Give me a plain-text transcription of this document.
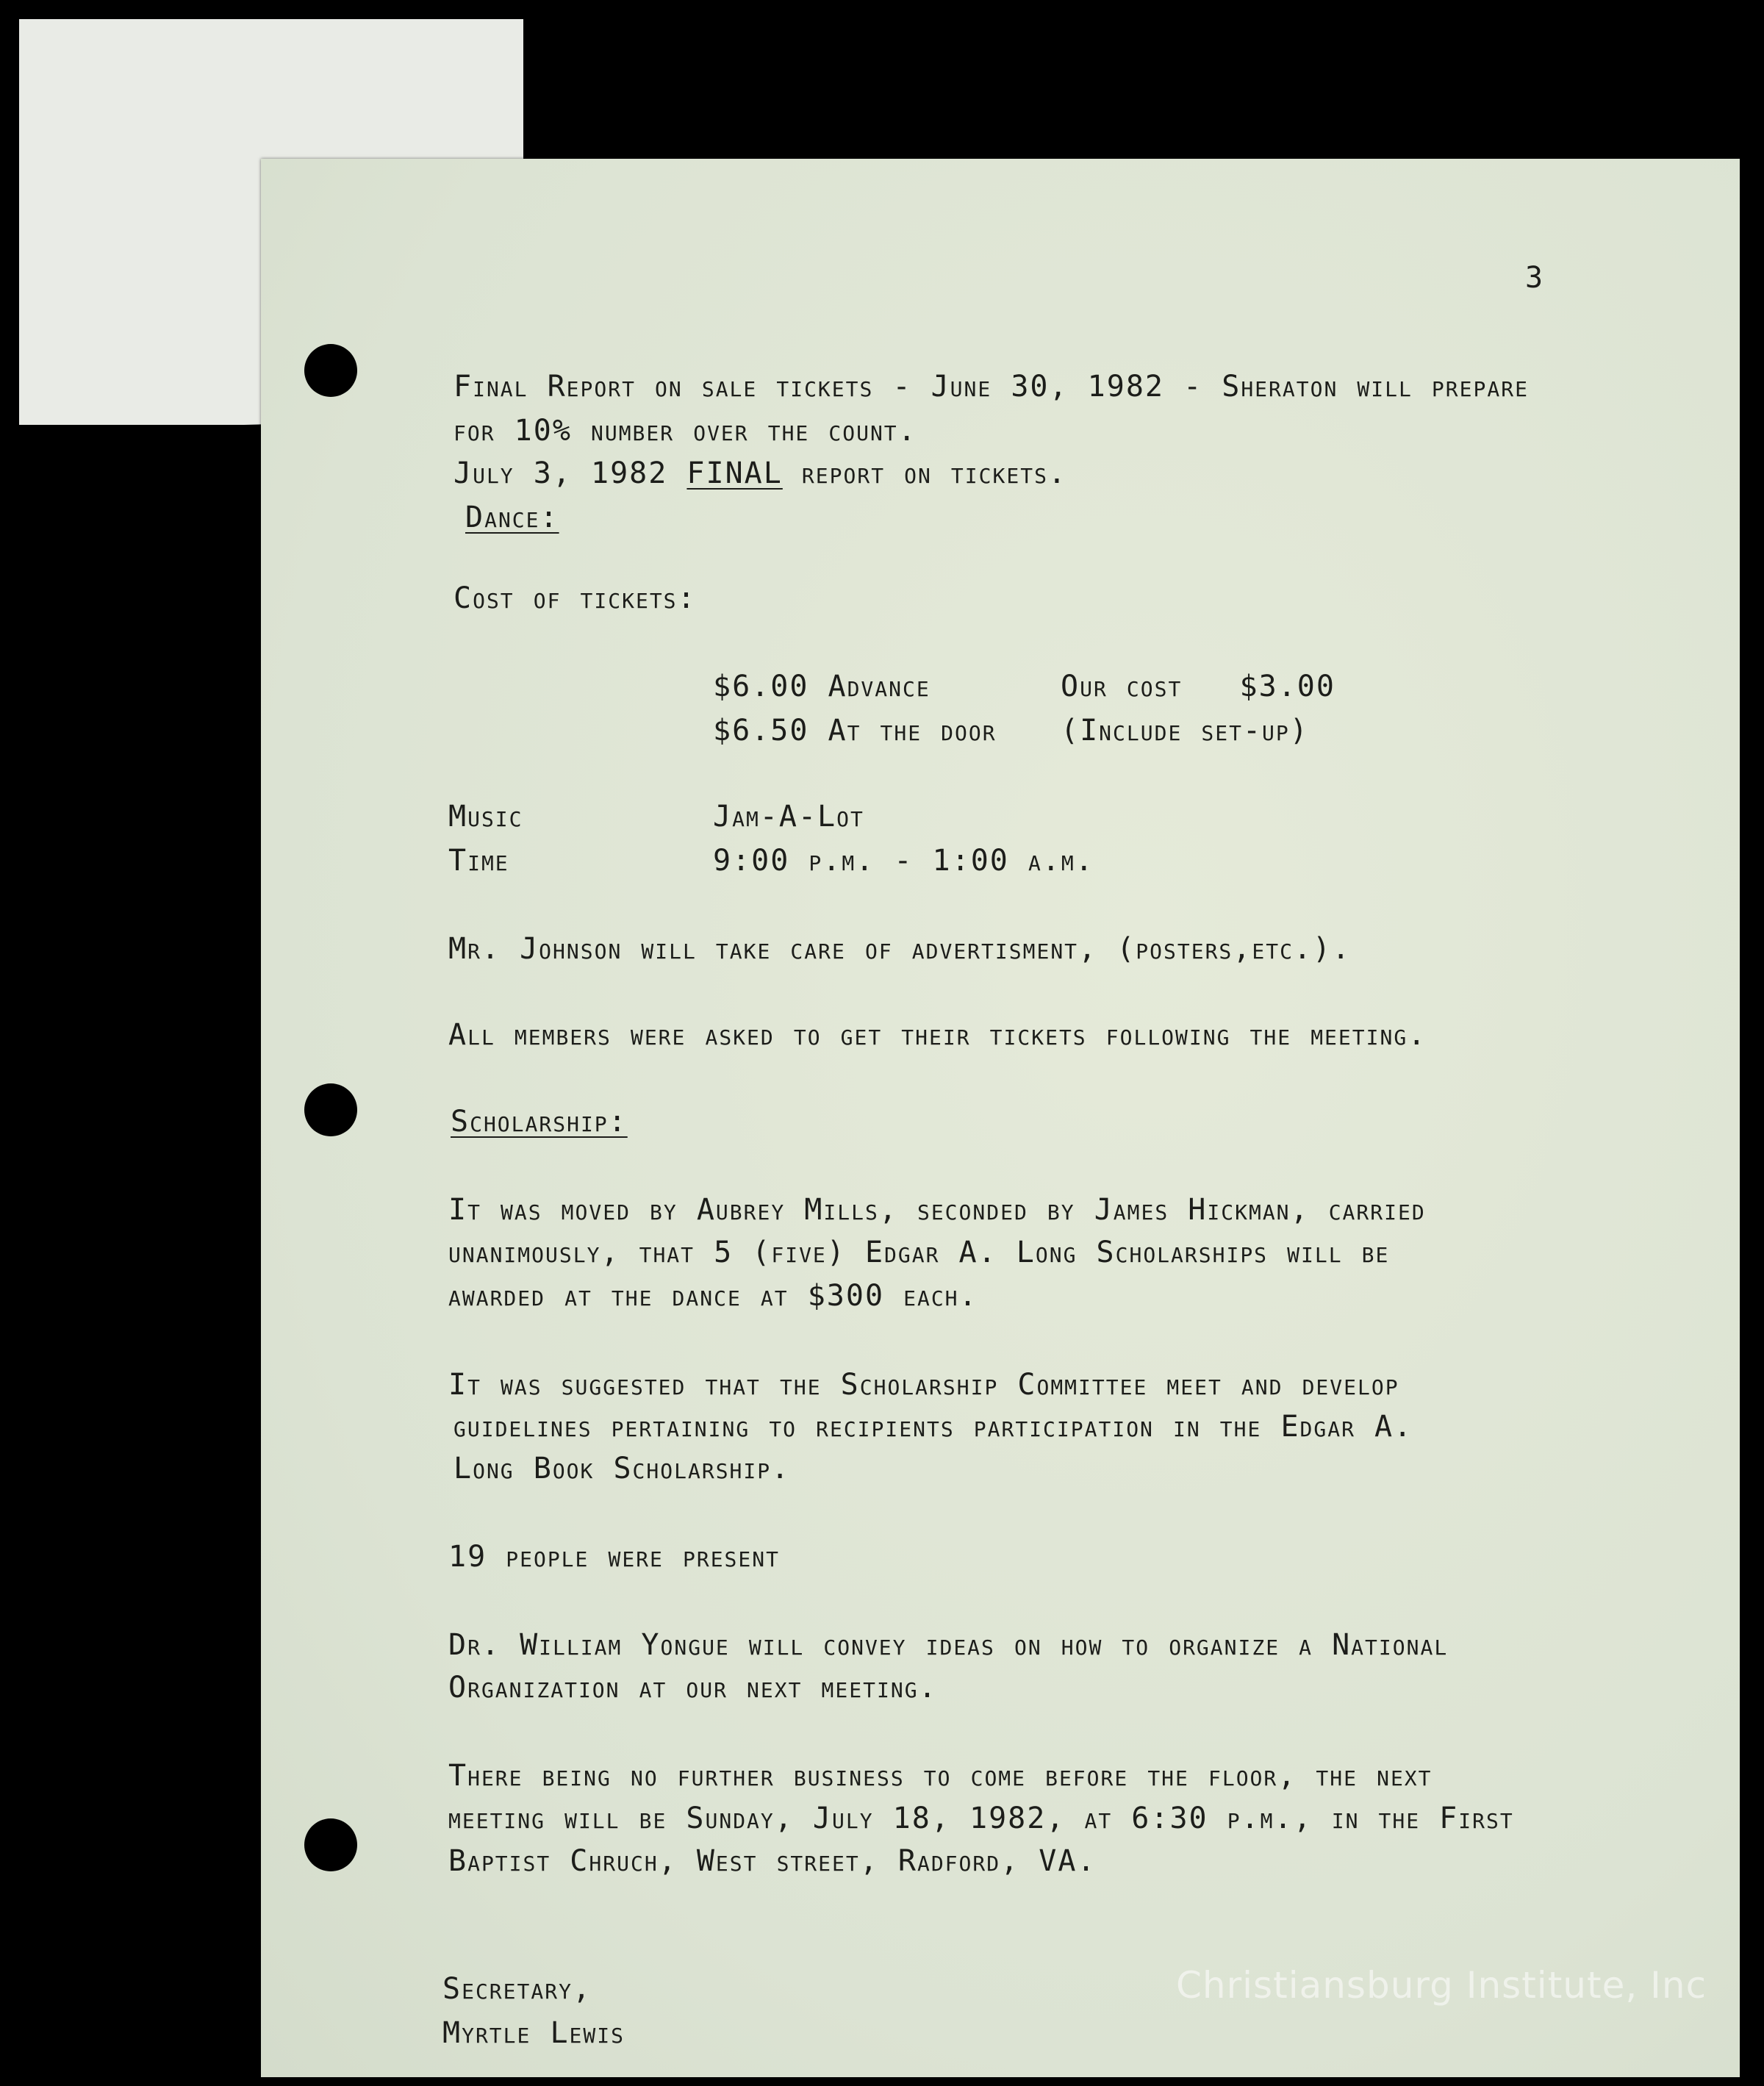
3
Final Report on sale tickets - June 30, 1982 - Sheraton will prepare
for 10% number over the count.
July 3, 1982 FINAL report on tickets.
Dance:
Cost of tickets:
$6.00 Advance	Our cost   $3.00
$6.50 At the door (Include set-up)
Music	Jam-A-Lot
Time	9:00 p.m. - 1:00 a.m.
Mr. Johnson will take care of advertisment, (posters,etc.).
All members were asked to get their tickets following the meeting.
Scholarship:
It was moved by Aubrey Mills, seconded by James Hickman, carried
unanimously, that 5 (five) Edgar A. Long Scholarships will be
awarded at the dance at $300 each.
It was suggested that the Scholarship Committee meet and develop
guidelines pertaining to recipients participation in the Edgar A.
Long Book Scholarship.
19 people were present
Dr. William Yongue will convey ideas on how to organize a National
Organization at our next meeting.
There being no further business to come before the floor, the next
meeting will be Sunday, July 18, 1982, at 6:30 p.m., in the First
Baptist Chruch, West street, Radford, VA.
Secretary,
Myrtle Lewis
Christiansburg Institute, Inc
